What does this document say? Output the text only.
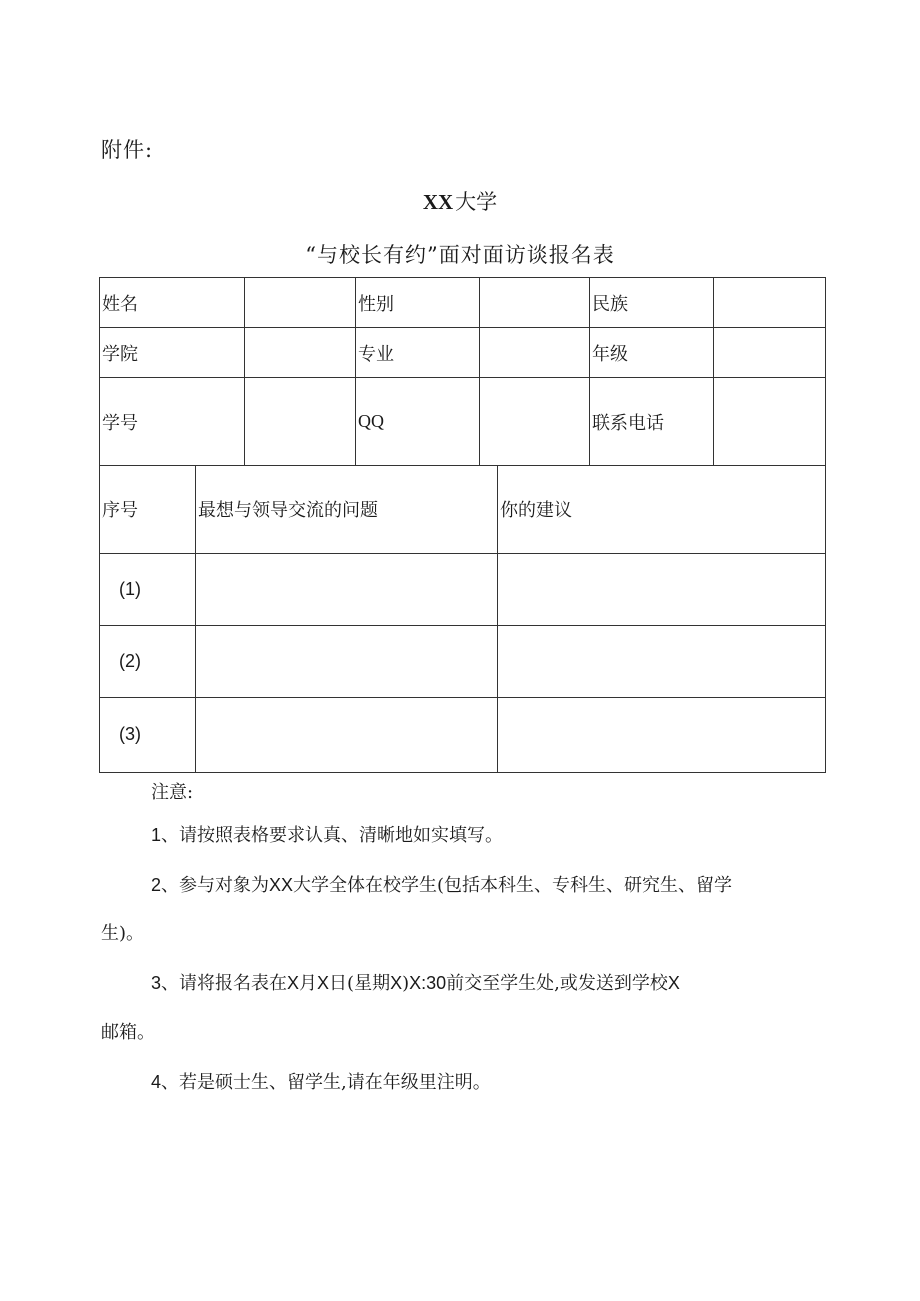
附件:
XX大学
“与校长有约”面对面访谈报名表
姓名		性别		民族	
学院		专业		年级	
学号		QQ		联系电话	
序号	最想与领导交流的问题	你的建议
(1)		
(2)		
(3)		

注意:

1、请按照表格要求认真、清晰地如实填写。

2、参与对象为XX大学全体在校学生(包括本科生、专科生、研究生、留学

生)。

3、请将报名表在X月X日(星期X)X:30前交至学生处,或发送到学校X

邮箱。

4、若是硕士生、留学生,请在年级里注明。
